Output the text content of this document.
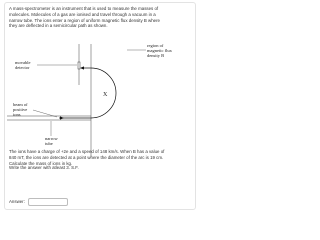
A mass-spectrometer is an instrument that is used to measure the masses of
molecules. Molecules of a gas are ionised and travel through a vacuum in a
narrow tube. The ions enter a region of uniform magnetic flux density B where
they are deflected in a semicircular path as shown.
X
region of magnetic flux density B
movable detector
beam of positive ions
narrow tube
The ions have a charge of +2e and a speed of 148 km/s. When B has a value of
840 mT, the ions are detected at a point where the diameter of the arc is 19 cm.
Calculate the mass of ions in kg.
Write the answer with atleast 3. S.F.
Answer:
